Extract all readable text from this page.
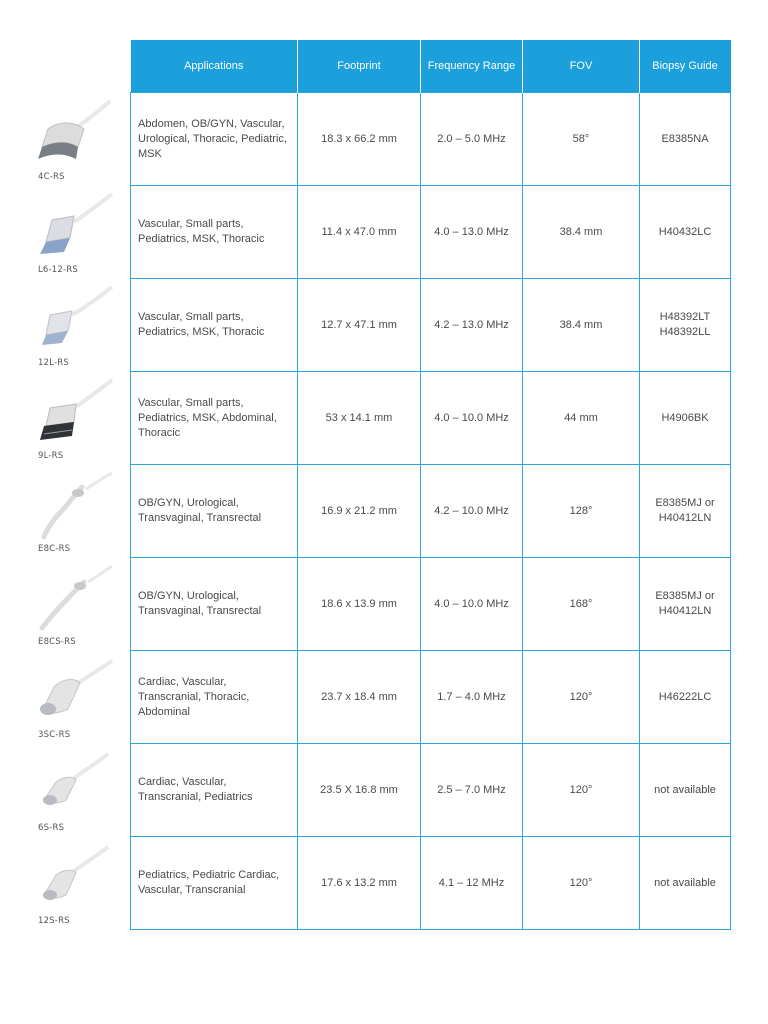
4C-RS
L6-12-RS
12L-RS
9L-RS
E8C-RS
E8CS-RS
3SC-RS
6S-RS
12S-RS
Applications	Footprint	Frequency Range	FOV	Biopsy Guide
Abdomen, OB/GYN, Vascular, Urological, Thoracic, Pediatric, MSK	18.3 x 66.2 mm	2.0 – 5.0 MHz	58°	E8385NA
Vascular, Small parts, Pediatrics, MSK, Thoracic	11.4 x 47.0 mm	4.0 – 13.0 MHz	38.4 mm	H40432LC
Vascular, Small parts, Pediatrics, MSK, Thoracic	12.7 x 47.1 mm	4.2 – 13.0 MHz	38.4 mm	H48392LT
H48392LL
Vascular, Small parts, Pediatrics, MSK, Abdominal, Thoracic	53 x 14.1 mm	4.0 – 10.0 MHz	44 mm	H4906BK
OB/GYN, Urological, Transvaginal, Transrectal	16.9 x 21.2 mm	4.2 – 10.0 MHz	128°	E8385MJ or
H40412LN
OB/GYN, Urological, Transvaginal, Transrectal	18.6 x 13.9 mm	4.0 – 10.0 MHz	168°	E8385MJ or
H40412LN
Cardiac, Vascular, Transcranial, Thoracic, Abdominal	23.7 x 18.4 mm	1.7 – 4.0 MHz	120°	H46222LC
Cardiac, Vascular, Transcranial, Pediatrics	23.5 X 16.8 mm	2.5 – 7.0 MHz	120°	not available
Pediatrics, Pediatric Cardiac, Vascular, Transcranial	17.6 x 13.2 mm	4.1 – 12 MHz	120°	not available
